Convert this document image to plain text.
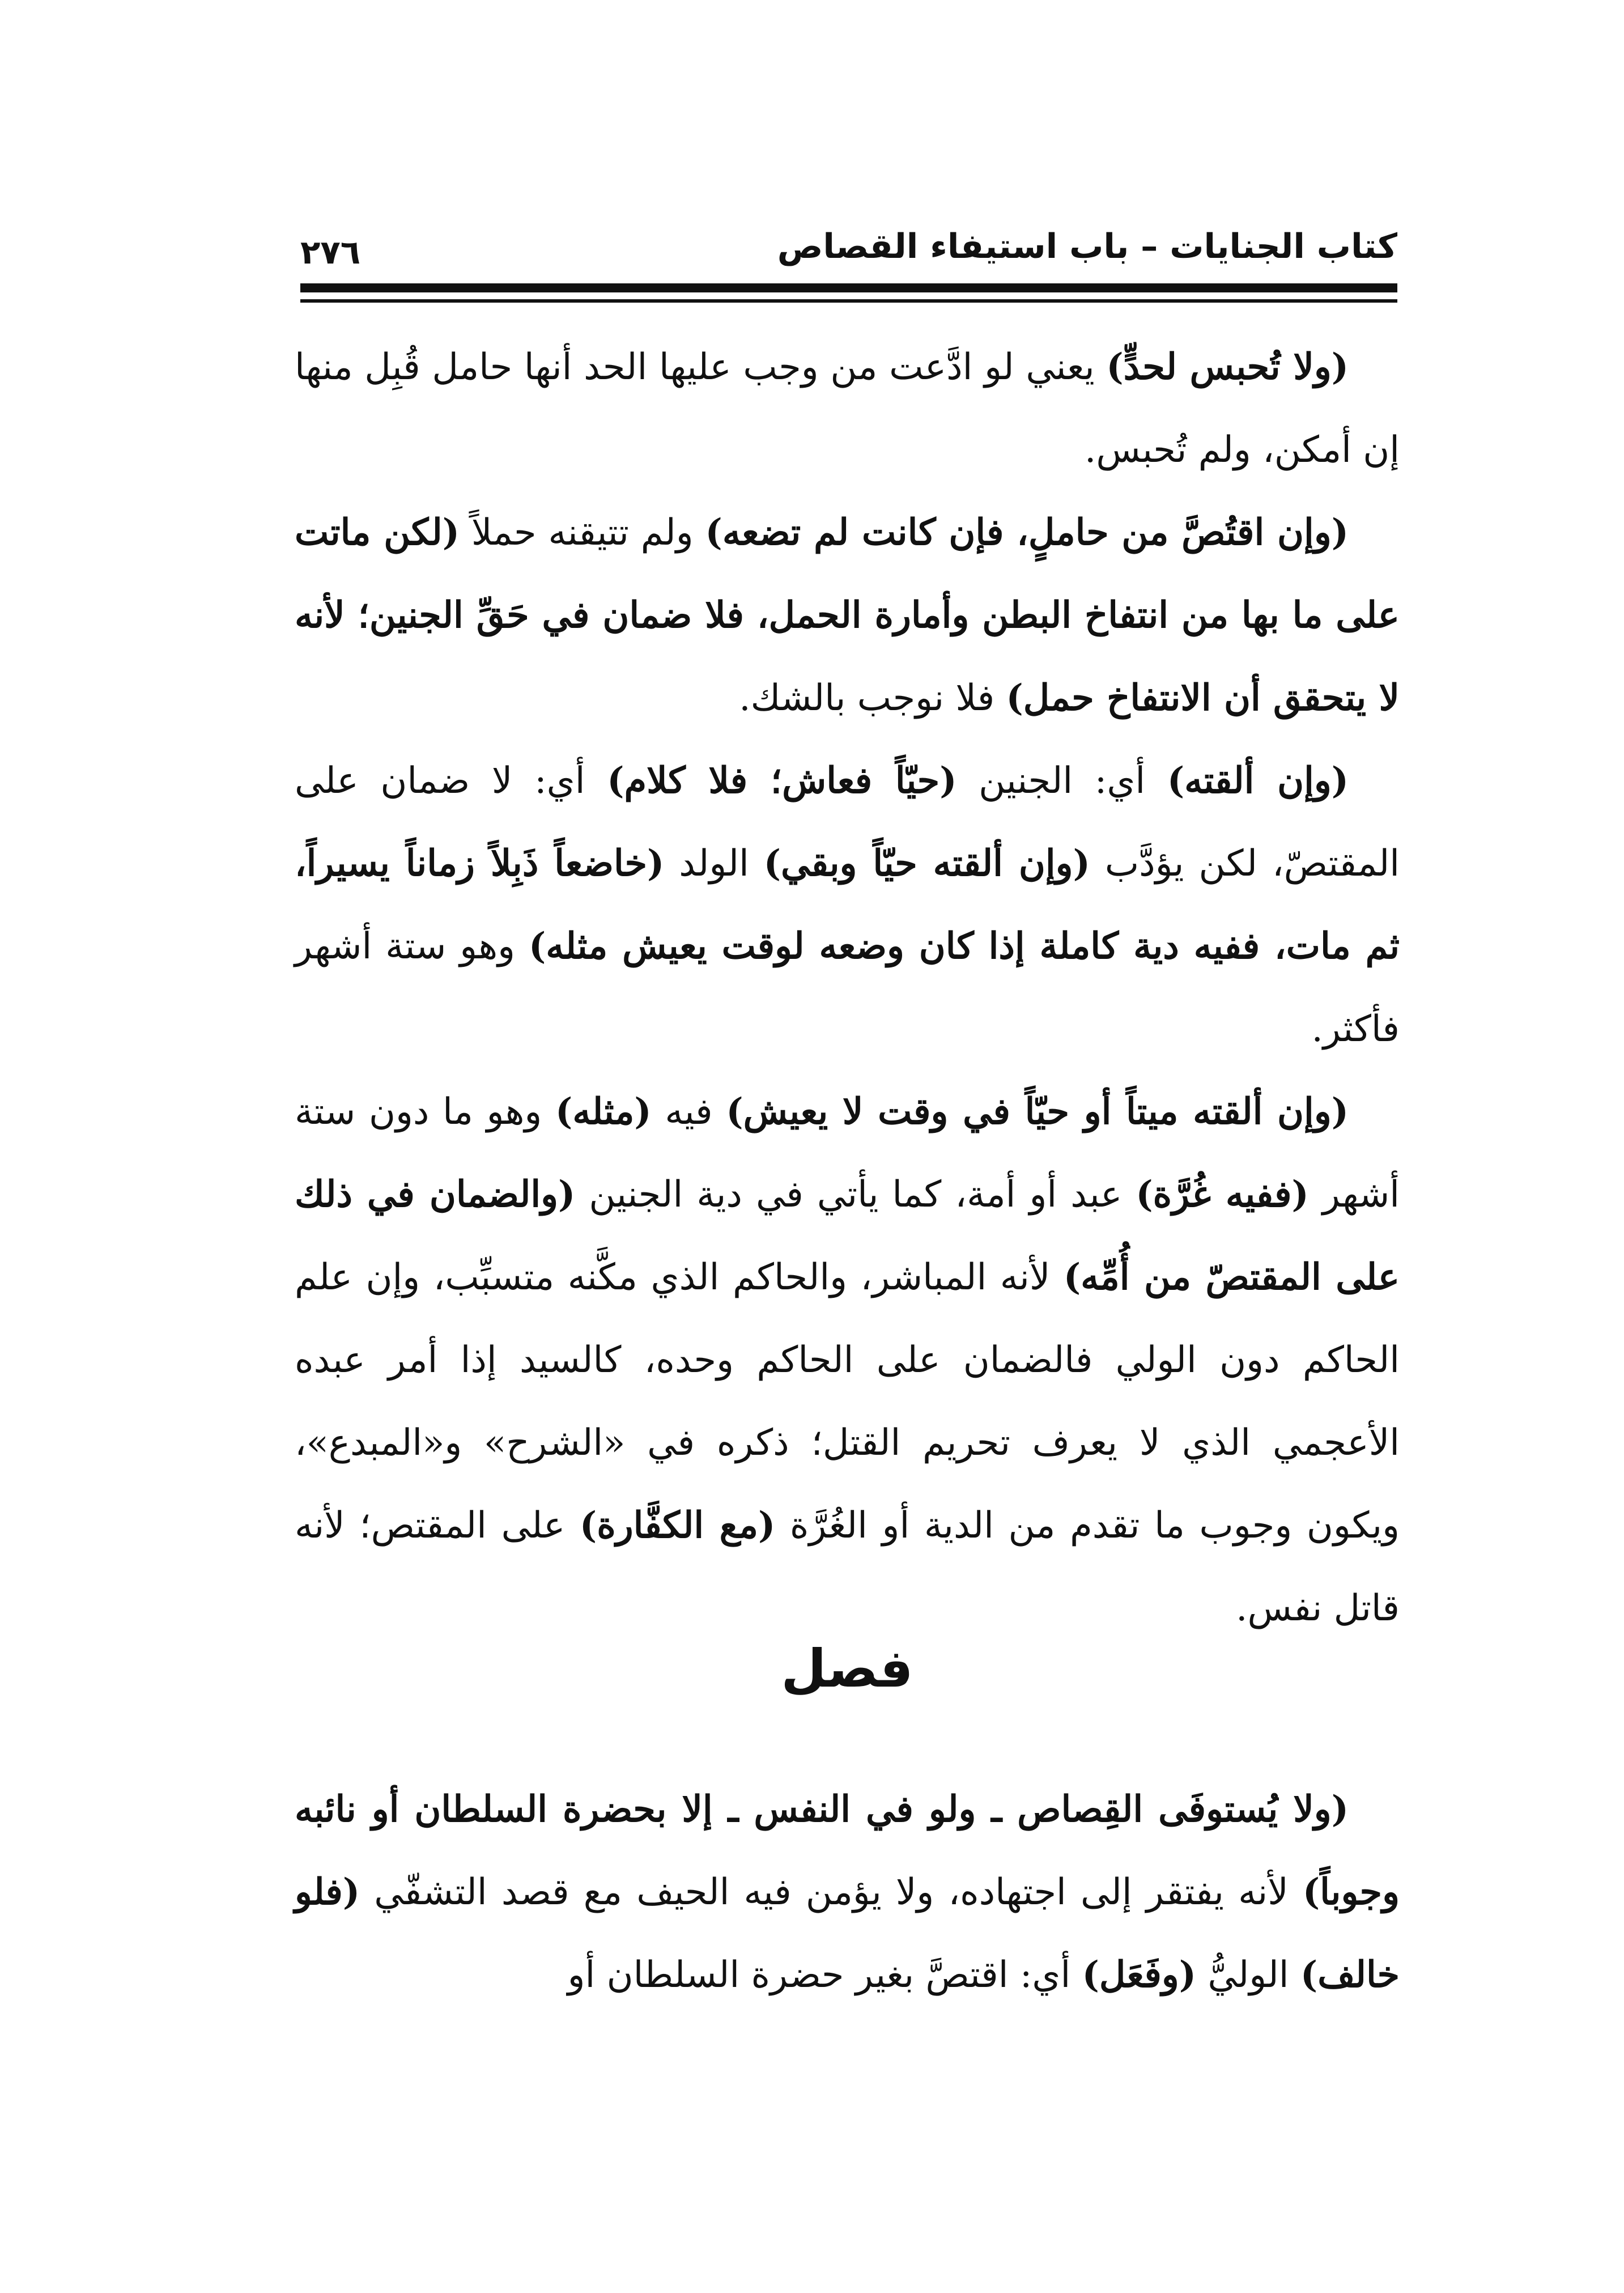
كتاب الجنايات – باب استيفاء القصاص
٢٧٦

(ولا تُحبس لحدٍّ) يعني لو ادَّعت من وجب عليها الحد أنها حامل قُبِل منها إن أمكن، ولم تُحبس.

(وإن اقتُصَّ من حاملٍ، فإن كانت لم تضعه) ولم تتيقنه حملاً (لكن ماتت على ما بها من انتفاخ البطن وأمارة الحمل، فلا ضمان في حَقِّ الجنين؛ لأنه لا يتحقق أن الانتفاخ حمل) فلا نوجب بالشك.

(وإن ألقته) أي: الجنين (حيّاً فعاش؛ فلا كلام) أي: لا ضمان على المقتصّ، لكن يؤدَّب (وإن ألقته حيّاً وبقي) الولد (خاضعاً ذَبِلاً زماناً يسيراً، ثم مات، ففيه دية كاملة إذا كان وضعه لوقت يعيش مثله) وهو ستة أشهر فأكثر.

(وإن ألقته ميتاً أو حيّاً في وقت لا يعيش) فيه (مثله) وهو ما دون ستة أشهر (ففيه غُرَّة) عبد أو أمة، كما يأتي في دية الجنين (والضمان في ذلك على المقتصّ من أُمِّه) لأنه المباشر، والحاكم الذي مكَّنه متسبِّب، وإن علم الحاكم دون الولي فالضمان على الحاكم وحده، كالسيد إذا أمر عبده الأعجمي الذي لا يعرف تحريم القتل؛ ذكره في «الشرح» و«المبدع»، ويكون وجوب ما تقدم من الدية أو الغُرَّة (مع الكفَّارة) على المقتص؛ لأنه قاتل نفس.

فصل

(ولا يُستوفَى القِصاص ـ ولو في النفس ـ إلا بحضرة السلطان أو نائبه وجوباً) لأنه يفتقر إلى اجتهاده، ولا يؤمن فيه الحيف مع قصد التشفّي (فلو خالف) الوليُّ (وفَعَل) أي: اقتصَّ بغير حضرة السلطان أو
